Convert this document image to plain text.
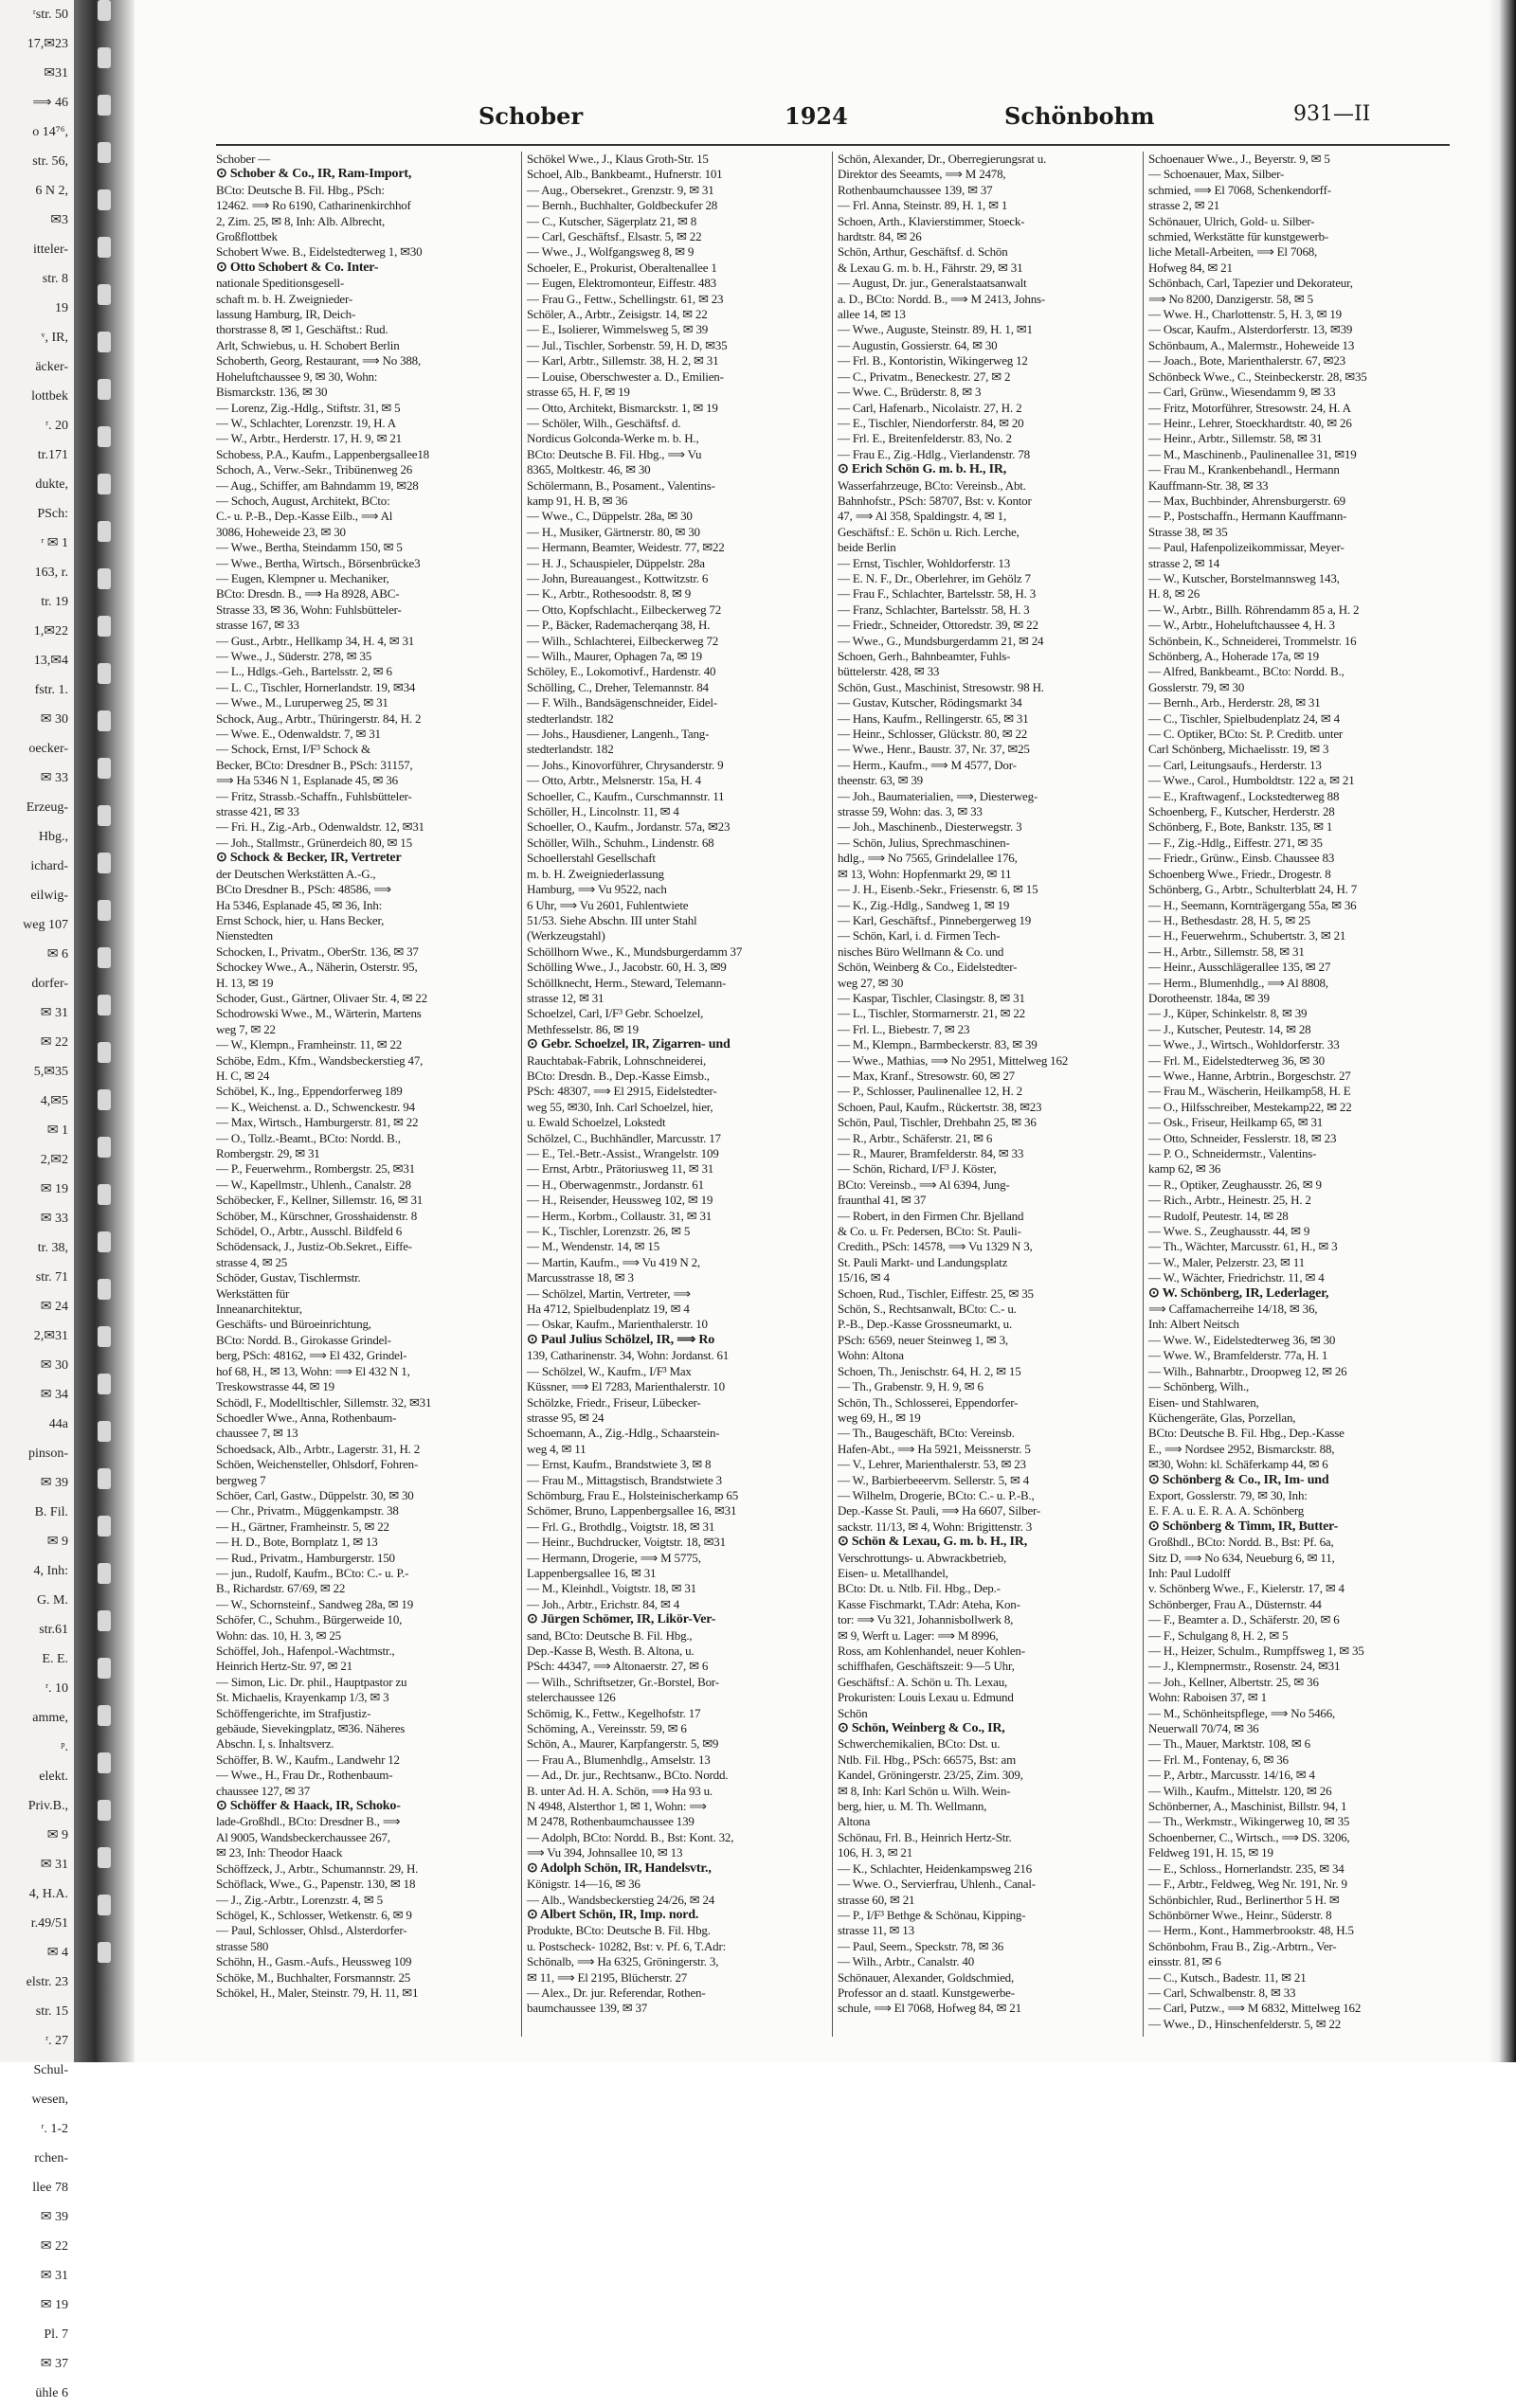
ʳstr. 50
17,✉23
✉31
⟹ 46
o 14⁷⁶,
str. 56,
6 N 2,
✉3
itteler-
str. 8
19
ᵛ, IR,
äcker-
lottbek
ʳ. 20
tr.171
dukte,
PSch:
ʳ ✉ 1
163, r.
tr. 19
1,✉22
13,✉4
fstr. 1.
✉ 30
oecker-
✉ 33
Erzeug-
Hbg.,
ichard-
eilwig-
weg 107
✉ 6
dorfer-
✉ 31
✉ 22
5,✉35
4,✉5
✉ 1
2,✉2
✉ 19
✉ 33
tr. 38,
str. 71
✉ 24
2,✉31
✉ 30
✉ 34
44a
pinson-
✉ 39
B. Fil.
✉ 9
4, Inh:
G. M.
str.61
E. E.
ʳ. 10
amme,
ᵖ.
elekt.
Priv.B.,
✉ 9
✉ 31
4, H.A.
r.49/51
✉ 4
elstr. 23
str. 15
ʳ. 27
Schul-
wesen,
ʳ. 1-2
rchen-
llee 78
✉ 39
✉ 22
✉ 31
✉ 19
Pl. 7
✉ 37
ühle 6
Schober	1924	Schönbohm	931—II
Schober —
⊙ Schober & Co., IR, Ram-Import,
BCto: Deutsche B. Fil. Hbg., PSch:
12462. ⟹ Ro 6190, Catharinenkirchhof
2, Zim. 25, ✉ 8, Inh: Alb. Albrecht,
Großflottbek
Schobert Wwe. B., Eidelstedterweg 1, ✉30
⊙ Otto Schobert & Co. Inter-
nationale Speditionsgesell-
schaft m. b. H. Zweignieder-
lassung Hamburg, IR, Deich-
thorstrasse 8, ✉ 1, Geschäftst.: Rud.
Arlt, Schwiebus, u. H. Schobert Berlin
Schoberth, Georg, Restaurant, ⟹ No 388,
Hoheluftchaussee 9, ✉ 30, Wohn:
Bismarckstr. 136, ✉ 30
— Lorenz, Zig.-Hdlg., Stiftstr. 31, ✉ 5
— W., Schlachter, Lorenzstr. 19, H. A
— W., Arbtr., Herderstr. 17, H. 9, ✉ 21
Schobess, P.A., Kaufm., Lappenbergsallee18
Schoch, A., Verw.-Sekr., Tribünenweg 26
— Aug., Schiffer, am Bahndamm 19, ✉28
— Schoch, August, Architekt, BCto:
C.- u. P.-B., Dep.-Kasse Eilb., ⟹ Al
3086, Hoheweide 23, ✉ 30
— Wwe., Bertha, Steindamm 150, ✉ 5
— Wwe., Bertha, Wirtsch., Börsenbrücke3
— Eugen, Klempner u. Mechaniker,
BCto: Dresdn. B., ⟹ Ha 8928, ABC-
Strasse 33, ✉ 36, Wohn: Fuhlsbütteler-
strasse 167, ✉ 33
— Gust., Arbtr., Hellkamp 34, H. 4, ✉ 31
— Wwe., J., Süderstr. 278, ✉ 35
— L., Hdlgs.-Geh., Bartelsstr. 2, ✉ 6
— L. C., Tischler, Hornerlandstr. 19, ✉34
— Wwe., M., Luruperweg 25, ✉ 31
Schock, Aug., Arbtr., Thüringerstr. 84, H. 2
— Wwe. E., Odenwaldstr. 7, ✉ 31
— Schock, Ernst, I/F³ Schock &
Becker, BCto: Dresdner B., PSch: 31157,
⟹ Ha 5346 N 1, Esplanade 45, ✉ 36
— Fritz, Strassb.-Schaffn., Fuhlsbütteler-
strasse 421, ✉ 33
— Fri. H., Zig.-Arb., Odenwaldstr. 12, ✉31
— Joh., Stallmstr., Grünerdeich 80, ✉ 15
⊙ Schock & Becker, IR, Vertreter
der Deutschen Werkstätten A.-G.,
BCto Dresdner B., PSch: 48586, ⟹
Ha 5346, Esplanade 45, ✉ 36, Inh:
Ernst Schock, hier, u. Hans Becker,
Nienstedten
Schocken, I., Privatm., OberStr. 136, ✉ 37
Schockey Wwe., A., Näherin, Osterstr. 95,
H. 13, ✉ 19
Schoder, Gust., Gärtner, Olivaer Str. 4, ✉ 22
Schodrowski Wwe., M., Wärterin, Martens
weg 7, ✉ 22
— W., Klempn., Framheinstr. 11, ✉ 22
Schöbe, Edm., Kfm., Wandsbeckerstieg 47,
H. C, ✉ 24
Schöbel, K., Ing., Eppendorferweg 189
— K., Weichenst. a. D., Schwenckestr. 94
— Max, Wirtsch., Hamburgerstr. 81, ✉ 22
— O., Tollz.-Beamt., BCto: Nordd. B.,
Rombergstr. 29, ✉ 31
— P., Feuerwehrm., Rombergstr. 25, ✉31
— W., Kapellmstr., Uhlenh., Canalstr. 28
Schöbecker, F., Kellner, Sillemstr. 16, ✉ 31
Schöber, M., Kürschner, Grosshaidenstr. 8
Schödel, O., Arbtr., Ausschl. Bildfeld 6
Schödensack, J., Justiz-Ob.Sekret., Eiffe-
strasse 4, ✉ 25
Schöder, Gustav, Tischlermstr.
Werkstätten für
Inneanarchitektur,
Geschäfts- und Büroeinrichtung,
BCto: Nordd. B., Girokasse Grindel-
berg, PSch: 48162, ⟹ El 432, Grindel-
hof 68, H., ✉ 13, Wohn: ⟹ El 432 N 1,
Treskowstrasse 44, ✉ 19
Schödl, F., Modelltischler, Sillemstr. 32, ✉31
Schoedler Wwe., Anna, Rothenbaum-
chaussee 7, ✉ 13
Schoedsack, Alb., Arbtr., Lagerstr. 31, H. 2
Schöen, Weichensteller, Ohlsdorf, Fohren-
bergweg 7
Schöer, Carl, Gastw., Düppelstr. 30, ✉ 30
— Chr., Privatm., Müggenkampstr. 38
— H., Gärtner, Framheinstr. 5, ✉ 22
— H. D., Bote, Bornplatz 1, ✉ 13
— Rud., Privatm., Hamburgerstr. 150
— jun., Rudolf, Kaufm., BCto: C.- u. P.-
B., Richardstr. 67/69, ✉ 22
— W., Schornsteinf., Sandweg 28a, ✉ 19
Schöfer, C., Schuhm., Bürgerweide 10,
Wohn: das. 10, H. 3, ✉ 25
Schöffel, Joh., Hafenpol.-Wachtmstr.,
Heinrich Hertz-Str. 97, ✉ 21
— Simon, Lic. Dr. phil., Hauptpastor zu
St. Michaelis, Krayenkamp 1/3, ✉ 3
Schöffengerichte, im Strafjustiz-
gebäude, Sievekingplatz, ✉36. Näheres
Abschn. I, s. Inhaltsverz.
Schöffer, B. W., Kaufm., Landwehr 12
— Wwe., H., Frau Dr., Rothenbaum-
chaussee 127, ✉ 37
⊙ Schöffer & Haack, IR, Schoko-
lade-Großhdl., BCto: Dresdner B., ⟹
Al 9005, Wandsbeckerchaussee 267,
✉ 23, Inh: Theodor Haack
Schöffzeck, J., Arbtr., Schumannstr. 29, H.
Schöflack, Wwe., G., Papenstr. 130, ✉ 18
— J., Zig.-Arbtr., Lorenzstr. 4, ✉ 5
Schögel, K., Schlosser, Wetkenstr. 6, ✉ 9
— Paul, Schlosser, Ohlsd., Alsterdorfer-
strasse 580
Schöhn, H., Gasm.-Aufs., Heussweg 109
Schöke, M., Buchhalter, Forsmannstr. 25
Schökel, H., Maler, Steinstr. 79, H. 11, ✉1
Schökel Wwe., J., Klaus Groth-Str. 15
Schoel, Alb., Bankbeamt., Hufnerstr. 101
— Aug., Obersekret., Grenzstr. 9, ✉ 31
— Bernh., Buchhalter, Goldbeckufer 28
— C., Kutscher, Sägerplatz 21, ✉ 8
— Carl, Geschäftsf., Elsastr. 5, ✉ 22
— Wwe., J., Wolfgangsweg 8, ✉ 9
Schoeler, E., Prokurist, Oberaltenallee 1
— Eugen, Elektromonteur, Eiffestr. 483
— Frau G., Fettw., Schellingstr. 61, ✉ 23
Schöler, A., Arbtr., Zeisigstr. 14, ✉ 22
— E., Isolierer, Wimmelsweg 5, ✉ 39
— Jul., Tischler, Sorbenstr. 59, H. D, ✉35
— Karl, Arbtr., Sillemstr. 38, H. 2, ✉ 31
— Louise, Oberschwester a. D., Emilien-
strasse 65, H. F, ✉ 19
— Otto, Architekt, Bismarckstr. 1, ✉ 19
— Schöler, Wilh., Geschäftsf. d.
Nordicus Golconda-Werke m. b. H.,
BCto: Deutsche B. Fil. Hbg., ⟹ Vu
8365, Moltkestr. 46, ✉ 30
Schölermann, B., Posament., Valentins-
kamp 91, H. B, ✉ 36
— Wwe., C., Düppelstr. 28a, ✉ 30
— H., Musiker, Gärtnerstr. 80, ✉ 30
— Hermann, Beamter, Weidestr. 77, ✉22
— H. J., Schauspieler, Düppelstr. 28a
— John, Bureauangest., Kottwitzstr. 6
— K., Arbtr., Rothesoodstr. 8, ✉ 9
— Otto, Kopfschlacht., Eilbeckerweg 72
— P., Bäcker, Rademacherqang 38, H.
— Wilh., Schlachterei, Eilbeckerweg 72
— Wilh., Maurer, Ophagen 7a, ✉ 19
Schöley, E., Lokomotivf., Hardenstr. 40
Schölling, C., Dreher, Telemannstr. 84
— F. Wilh., Bandsägenschneider, Eidel-
stedterlandstr. 182
— Johs., Hausdiener, Langenh., Tang-
stedterlandstr. 182
— Johs., Kinovorführer, Chrysanderstr. 9
— Otto, Arbtr., Melsnerstr. 15a, H. 4
Schoeller, C., Kaufm., Curschmannstr. 11
Schöller, H., Lincolnstr. 11, ✉ 4
Schoeller, O., Kaufm., Jordanstr. 57a, ✉23
Schöller, Wilh., Schuhm., Lindenstr. 68
Schoellerstahl Gesellschaft
m. b. H. Zweigniederlassung
Hamburg, ⟹ Vu 9522, nach
6 Uhr, ⟹ Vu 2601, Fuhlentwiete
51/53. Siehe Abschn. III unter Stahl
(Werkzeugstahl)
Schöllhorn Wwe., K., Mundsburgerdamm 37
Schölling Wwe., J., Jacobstr. 60, H. 3, ✉9
Schöllknecht, Herm., Steward, Telemann-
strasse 12, ✉ 31
Schoelzel, Carl, I/F³ Gebr. Schoelzel,
Methfesselstr. 86, ✉ 19
⊙ Gebr. Schoelzel, IR, Zigarren- und
Rauchtabak-Fabrik, Lohnschneiderei,
BCto: Dresdn. B., Dep.-Kasse Eimsb.,
PSch: 48307, ⟹ El 2915, Eidelstedter-
weg 55, ✉30, Inh. Carl Schoelzel, hier,
u. Ewald Schoelzel, Lokstedt
Schölzel, C., Buchhändler, Marcusstr. 17
— E., Tel.-Betr.-Assist., Wrangelstr. 109
— Ernst, Arbtr., Prätoriusweg 11, ✉ 31
— H., Oberwagenmstr., Jordanstr. 61
— H., Reisender, Heussweg 102, ✉ 19
— Herm., Korbm., Collaustr. 31, ✉ 31
— K., Tischler, Lorenzstr. 26, ✉ 5
— M., Wendenstr. 14, ✉ 15
— Martin, Kaufm., ⟹ Vu 419 N 2,
Marcusstrasse 18, ✉ 3
— Schölzel, Martin, Vertreter, ⟹
Ha 4712, Spielbudenplatz 19, ✉ 4
— Oskar, Kaufm., Marienthalerstr. 10
⊙ Paul Julius Schölzel, IR, ⟹ Ro
139, Catharinenstr. 34, Wohn: Jordanst. 61
— Schölzel, W., Kaufm., I/F³ Max
Küssner, ⟹ El 7283, Marienthalerstr. 10
Schölzke, Friedr., Friseur, Lübecker-
strasse 95, ✉ 24
Schoemann, A., Zig.-Hdlg., Schaarstein-
weg 4, ✉ 11
— Ernst, Kaufm., Brandstwiete 3, ✉ 8
— Frau M., Mittagstisch, Brandstwiete 3
Schömburg, Frau E., Holsteinischerkamp 65
Schömer, Bruno, Lappenbergsallee 16, ✉31
— Frl. G., Brothdlg., Voigtstr. 18, ✉ 31
— Heinr., Buchdrucker, Voigtstr. 18, ✉31
— Hermann, Drogerie, ⟹ M 5775,
Lappenbergsallee 16, ✉ 31
— M., Kleinhdl., Voigtstr. 18, ✉ 31
— Joh., Arbtr., Erichstr. 84, ✉ 4
⊙ Jürgen Schömer, IR, Likör-Ver-
sand, BCto: Deutsche B. Fil. Hbg.,
Dep.-Kasse B, Westh. B. Altona, u.
PSch: 44347, ⟹ Altonaerstr. 27, ✉ 6
— Wilh., Schriftsetzer, Gr.-Borstel, Bor-
stelerchaussee 126
Schömig, K., Fettw., Kegelhofstr. 17
Schöming, A., Vereinsstr. 59, ✉ 6
Schön, A., Maurer, Karpfangerstr. 5, ✉9
— Frau A., Blumenhdlg., Amselstr. 13
— Ad., Dr. jur., Rechtsanw., BCto. Nordd.
B. unter Ad. H. A. Schön, ⟹ Ha 93 u.
N 4948, Alsterthor 1, ✉ 1, Wohn: ⟹
M 2478, Rothenbaumchaussee 139
— Adolph, BCto: Nordd. B., Bst: Kont. 32,
⟹ Vu 394, Johnsallee 10, ✉ 13
⊙ Adolph Schön, IR, Handelsvtr.,
Königstr. 14—16, ✉ 36
— Alb., Wandsbeckerstieg 24/26, ✉ 24
⊙ Albert Schön, IR, Imp. nord.
Produkte, BCto: Deutsche B. Fil. Hbg.
u. Postscheck- 10282, Bst: v. Pf. 6, T.Adr:
Schönalb, ⟹ Ha 6325, Gröningerstr. 3,
✉ 11, ⟹ El 2195, Blücherstr. 27
— Alex., Dr. jur. Referendar, Rothen-
baumchaussee 139, ✉ 37
Schön, Alexander, Dr., Oberregierungsrat u.
Direktor des Seeamts, ⟹ M 2478,
Rothenbaumchaussee 139, ✉ 37
— Frl. Anna, Steinstr. 89, H. 1, ✉ 1
Schoen, Arth., Klavierstimmer, Stoeck-
hardtstr. 84, ✉ 26
Schön, Arthur, Geschäftsf. d. Schön
& Lexau G. m. b. H., Fährstr. 29, ✉ 31
— August, Dr. jur., Generalstaatsanwalt
a. D., BCto: Nordd. B., ⟹ M 2413, Johns-
allee 14, ✉ 13
— Wwe., Auguste, Steinstr. 89, H. 1, ✉1
— Augustin, Gossierstr. 64, ✉ 30
— Frl. B., Kontoristin, Wikingerweg 12
— C., Privatm., Beneckestr. 27, ✉ 2
— Wwe. C., Brüderstr. 8, ✉ 3
— Carl, Hafenarb., Nicolaistr. 27, H. 2
— E., Tischler, Niendorferstr. 84, ✉ 20
— Frl. E., Breitenfelderstr. 83, No. 2
— Frau E., Zig.-Hdlg., Vierlandenstr. 78
⊙ Erich Schön G. m. b. H., IR,
Wasserfahrzeuge, BCto: Vereinsb., Abt.
Bahnhofstr., PSch: 58707, Bst: v. Kontor
47, ⟹ Al 358, Spaldingstr. 4, ✉ 1,
Geschäftsf.: E. Schön u. Rich. Lerche,
beide Berlin
— Ernst, Tischler, Wohldorferstr. 13
— E. N. F., Dr., Oberlehrer, im Gehölz 7
— Frau F., Schlachter, Bartelsstr. 58, H. 3
— Franz, Schlachter, Bartelsstr. 58, H. 3
— Friedr., Schneider, Ottoredstr. 39, ✉ 22
— Wwe., G., Mundsburgerdamm 21, ✉ 24
Schoen, Gerh., Bahnbeamter, Fuhls-
büttelerstr. 428, ✉ 33
Schön, Gust., Maschinist, Stresowstr. 98 H.
— Gustav, Kutscher, Rödingsmarkt 34
— Hans, Kaufm., Rellingerstr. 65, ✉ 31
— Heinr., Schlosser, Glückstr. 80, ✉ 22
— Wwe., Henr., Baustr. 37, Nr. 37, ✉25
— Herm., Kaufm., ⟹ M 4577, Dor-
theenstr. 63, ✉ 39
— Joh., Baumaterialien, ⟹, Diesterweg-
strasse 59, Wohn: das. 3, ✉ 33
— Joh., Maschinenb., Diesterwegstr. 3
— Schön, Julius, Sprechmaschinen-
hdlg., ⟹ No 7565, Grindelallee 176,
✉ 13, Wohn: Hopfenmarkt 29, ✉ 11
— J. H., Eisenb.-Sekr., Friesenstr. 6, ✉ 15
— K., Zig.-Hdlg., Sandweg 1, ✉ 19
— Karl, Geschäftsf., Pinnebergerweg 19
— Schön, Karl, i. d. Firmen Tech-
nisches Büro Wellmann & Co. und
Schön, Weinberg & Co., Eidelstedter-
weg 27, ✉ 30
— Kaspar, Tischler, Clasingstr. 8, ✉ 31
— L., Tischler, Stormarnerstr. 21, ✉ 22
— Frl. L., Biebestr. 7, ✉ 23
— M., Klempn., Barmbeckerstr. 83, ✉ 39
— Wwe., Mathias, ⟹ No 2951, Mittelweg 162
— Max, Kranf., Stresowstr. 60, ✉ 27
— P., Schlosser, Paulinenallee 12, H. 2
Schoen, Paul, Kaufm., Rückertstr. 38, ✉23
Schön, Paul, Tischler, Drehbahn 25, ✉ 36
— R., Arbtr., Schäferstr. 21, ✉ 6
— R., Maurer, Bramfelderstr. 84, ✉ 33
— Schön, Richard, I/F³ J. Köster,
BCto: Vereinsb., ⟹ Al 6394, Jung-
fraunthal 41, ✉ 37
— Robert, in den Firmen Chr. Bjelland
& Co. u. Fr. Pedersen, BCto: St. Pauli-
Credith., PSch: 14578, ⟹ Vu 1329 N 3,
St. Pauli Markt- und Landungsplatz
15/16, ✉ 4
Schoen, Rud., Tischler, Eiffestr. 25, ✉ 35
Schön, S., Rechtsanwalt, BCto: C.- u.
P.-B., Dep.-Kasse Grossneumarkt, u.
PSch: 6569, neuer Steinweg 1, ✉ 3,
Wohn: Altona
Schoen, Th., Jenischstr. 64, H. 2, ✉ 15
— Th., Grabenstr. 9, H. 9, ✉ 6
Schön, Th., Schlosserei, Eppendorfer-
weg 69, H., ✉ 19
— Th., Baugeschäft, BCto: Vereinsb.
Hafen-Abt., ⟹ Ha 5921, Meissnerstr. 5
— V., Lehrer, Marienthalerstr. 53, ✉ 23
— W., Barbierbeeervm. Sellerstr. 5, ✉ 4
— Wilhelm, Drogerie, BCto: C.- u. P.-B.,
Dep.-Kasse St. Pauli, ⟹ Ha 6607, Silber-
sackstr. 11/13, ✉ 4, Wohn: Brigittenstr. 3
⊙ Schön & Lexau, G. m. b. H., IR,
Verschrottungs- u. Abwrackbetrieb,
Eisen- u. Metallhandel,
BCto: Dt. u. Ntlb. Fil. Hbg., Dep.-
Kasse Fischmarkt, T.Adr: Ateha, Kon-
tor: ⟹ Vu 321, Johannisbollwerk 8,
✉ 9, Werft u. Lager: ⟹ M 8996,
Ross, am Kohlenhandel, neuer Kohlen-
schiffhafen, Geschäftszeit: 9—5 Uhr,
Geschäftsf.: A. Schön u. Th. Lexau,
Prokuristen: Louis Lexau u. Edmund
Schön
⊙ Schön, Weinberg & Co., IR,
Schwerchemikalien, BCto: Dst. u.
Ntlb. Fil. Hbg., PSch: 66575, Bst: am
Kandel, Gröningerstr. 23/25, Zim. 309,
✉ 8, Inh: Karl Schön u. Wilh. Wein-
berg, hier, u. M. Th. Wellmann,
Altona
Schönau, Frl. B., Heinrich Hertz-Str.
106, H. 3, ✉ 21
— K., Schlachter, Heidenkampsweg 216
— Wwe. O., Servierfrau, Uhlenh., Canal-
strasse 60, ✉ 21
— P., I/F³ Bethge & Schönau, Kipping-
strasse 11, ✉ 13
— Paul, Seem., Speckstr. 78, ✉ 36
— Wilh., Arbtr., Canalstr. 40
Schönauer, Alexander, Goldschmied,
Professor an d. staatl. Kunstgewerbe-
schule, ⟹ El 7068, Hofweg 84, ✉ 21
Schoenauer Wwe., J., Beyerstr. 9, ✉ 5
— Schoenauer, Max, Silber-
schmied, ⟹ El 7068, Schenkendorff-
strasse 2, ✉ 21
Schönauer, Ulrich, Gold- u. Silber-
schmied, Werkstätte für kunstgewerb-
liche Metall-Arbeiten, ⟹ El 7068,
Hofweg 84, ✉ 21
Schönbach, Carl, Tapezier und Dekorateur,
⟹ No 8200, Danzigerstr. 58, ✉ 5
— Wwe. H., Charlottenstr. 5, H. 3, ✉ 19
— Oscar, Kaufm., Alsterdorferstr. 13, ✉39
Schönbaum, A., Malermstr., Hoheweide 13
— Joach., Bote, Marienthalerstr. 67, ✉23
Schönbeck Wwe., C., Steinbeckerstr. 28, ✉35
— Carl, Grünw., Wiesendamm 9, ✉ 33
— Fritz, Motorführer, Stresowstr. 24, H. A
— Heinr., Lehrer, Stoeckhardtstr. 40, ✉ 26
— Heinr., Arbtr., Sillemstr. 58, ✉ 31
— M., Maschinenb., Paulinenallee 31, ✉19
— Frau M., Krankenbehandl., Hermann
Kauffmann-Str. 38, ✉ 33
— Max, Buchbinder, Ahrensburgerstr. 69
— P., Postschaffn., Hermann Kauffmann-
Strasse 38, ✉ 35
— Paul, Hafenpolizeikommissar, Meyer-
strasse 2, ✉ 14
— W., Kutscher, Borstelmannsweg 143,
H. 8, ✉ 26
— W., Arbtr., Billh. Röhrendamm 85 a, H. 2
— W., Arbtr., Hoheluftchaussee 4, H. 3
Schönbein, K., Schneiderei, Trommelstr. 16
Schönberg, A., Hoherade 17a, ✉ 19
— Alfred, Bankbeamt., BCto: Nordd. B.,
Gosslerstr. 79, ✉ 30
— Bernh., Arb., Herderstr. 28, ✉ 31
— C., Tischler, Spielbudenplatz 24, ✉ 4
— C. Optiker, BCto: St. P. Creditb. unter
Carl Schönberg, Michaelisstr. 19, ✉ 3
— Carl, Leitungsaufs., Herderstr. 13
— Wwe., Carol., Humboldtstr. 122 a, ✉ 21
— E., Kraftwagenf., Lockstedterweg 88
Schoenberg, F., Kutscher, Herderstr. 28
Schönberg, F., Bote, Bankstr. 135, ✉ 1
— F., Zig.-Hdlg., Eiffestr. 271, ✉ 35
— Friedr., Grünw., Einsb. Chaussee 83
Schoenberg Wwe., Friedr., Drogestr. 8
Schönberg, G., Arbtr., Schulterblatt 24, H. 7
— H., Seemann, Kornträgergang 55a, ✉ 36
— H., Bethesdastr. 28, H. 5, ✉ 25
— H., Feuerwehrm., Schubertstr. 3, ✉ 21
— H., Arbtr., Sillemstr. 58, ✉ 31
— Heinr., Ausschlägerallee 135, ✉ 27
— Herm., Blumenhdlg., ⟹ Al 8808,
Dorotheenstr. 184a, ✉ 39
— J., Küper, Schinkelstr. 8, ✉ 39
— J., Kutscher, Peutestr. 14, ✉ 28
— Wwe., J., Wirtsch., Wohldorferstr. 33
— Frl. M., Eidelstedterweg 36, ✉ 30
— Wwe., Hanne, Arbtrin., Borgeschstr. 27
— Frau M., Wäscherin, Heilkamp58, H. E
— O., Hilfsschreiber, Mestekamp22, ✉ 22
— Osk., Friseur, Heilkamp 65, ✉ 31
— Otto, Schneider, Fesslerstr. 18, ✉ 23
— P. O., Schneidermstr., Valentins-
kamp 62, ✉ 36
— R., Optiker, Zeughausstr. 26, ✉ 9
— Rich., Arbtr., Heinestr. 25, H. 2
— Rudolf, Peutestr. 14, ✉ 28
— Wwe. S., Zeughausstr. 44, ✉ 9
— Th., Wächter, Marcusstr. 61, H., ✉ 3
— W., Maler, Pelzerstr. 23, ✉ 11
— W., Wächter, Friedrichstr. 11, ✉ 4
⊙ W. Schönberg, IR, Lederlager,
⟹ Caffamacherreihe 14/18, ✉ 36,
Inh: Albert Neitsch
— Wwe. W., Eidelstedterweg 36, ✉ 30
— Wwe. W., Bramfelderstr. 77a, H. 1
— Wilh., Bahnarbtr., Droopweg 12, ✉ 26
— Schönberg, Wilh.,
Eisen- und Stahlwaren,
Küchengeräte, Glas, Porzellan,
BCto: Deutsche B. Fil. Hbg., Dep.-Kasse
E., ⟹ Nordsee 2952, Bismarckstr. 88,
✉30, Wohn: kl. Schäferkamp 44, ✉ 6
⊙ Schönberg & Co., IR, Im- und
Export, Gosslerstr. 79, ✉ 30, Inh:
E. F. A. u. E. R. A. A. Schönberg
⊙ Schönberg & Timm, IR, Butter-
Großhdl., BCto: Nordd. B., Bst: Pf. 6a,
Sitz D, ⟹ No 634, Neueburg 6, ✉ 11,
Inh: Paul Ludolff
v. Schönberg Wwe., F., Kielerstr. 17, ✉ 4
Schönberger, Frau A., Düsternstr. 44
— F., Beamter a. D., Schäferstr. 20, ✉ 6
— F., Schulgang 8, H. 2, ✉ 5
— H., Heizer, Schulm., Rumpffsweg 1, ✉ 35
— J., Klempnermstr., Rosenstr. 24, ✉31
— Joh., Kellner, Albertstr. 25, ✉ 36
Wohn: Raboisen 37, ✉ 1
— M., Schönheitspflege, ⟹ No 5466,
Neuerwall 70/74, ✉ 36
— Th., Mauer, Marktstr. 108, ✉ 6
— Frl. M., Fontenay, 6, ✉ 36
— P., Arbtr., Marcusstr. 14/16, ✉ 4
— Wilh., Kaufm., Mittelstr. 120, ✉ 26
Schönberner, A., Maschinist, Billstr. 94, 1
— Th., Werkmstr., Wikingerweg 10, ✉ 35
Schoenberner, C., Wirtsch., ⟹ DS. 3206,
Feldweg 191, H. 15, ✉ 19
— E., Schloss., Hornerlandstr. 235, ✉ 34
— F., Arbtr., Feldweg, Weg Nr. 191, Nr. 9
Schönbichler, Rud., Berlinerthor 5 H. ✉
Schönbörner Wwe., Heinr., Süderstr. 8
— Herm., Kont., Hammerbrookstr. 48, H.5
Schönbohm, Frau B., Zig.-Arbtrn., Ver-
einsstr. 81, ✉ 6
— C., Kutsch., Badestr. 11, ✉ 21
— Carl, Schwalbenstr. 8, ✉ 33
— Carl, Putzw., ⟹ M 6832, Mittelweg 162
— Wwe., D., Hinschenfelderstr. 5, ✉ 22
